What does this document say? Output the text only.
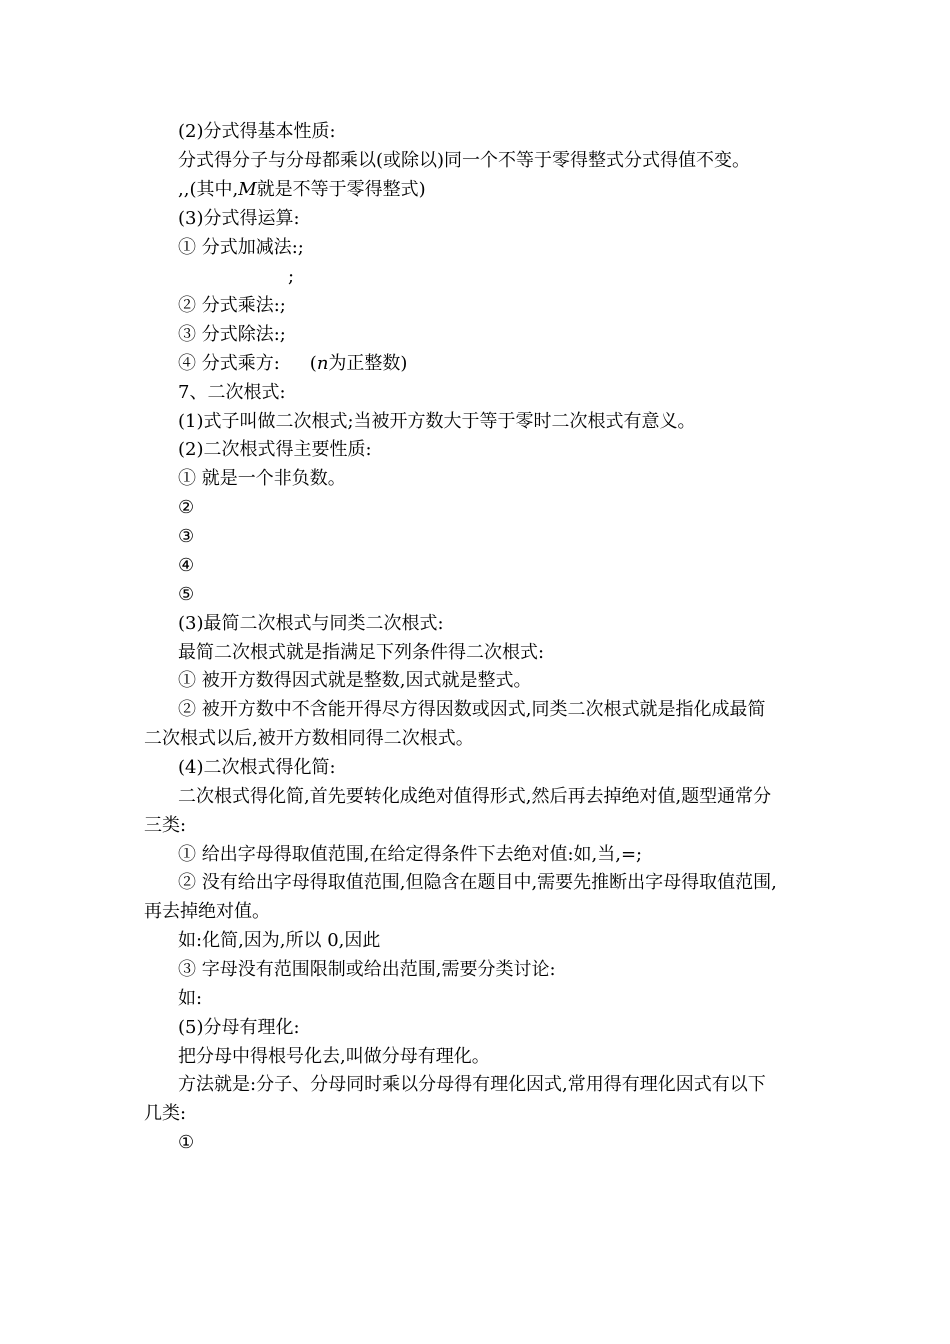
(2)分式得基本性质:
分式得分子与分母都乘以(或除以)同一个不等于零得整式分式得值不变。
,,(其中,M就是不等于零得整式)
(3)分式得运算:
① 分式加减法:;
;
② 分式乘法:;
③ 分式除法:;
④ 分式乘方: (n为正整数)
7、二次根式:
(1)式子叫做二次根式;当被开方数大于等于零时二次根式有意义。
(2)二次根式得主要性质:
① 就是一个非负数。
②
③
④
⑤
(3)最简二次根式与同类二次根式:
最简二次根式就是指满足下列条件得二次根式:
① 被开方数得因式就是整数,因式就是整式。
② 被开方数中不含能开得尽方得因数或因式,同类二次根式就是指化成最简
二次根式以后,被开方数相同得二次根式。
(4)二次根式得化简:
二次根式得化简,首先要转化成绝对值得形式,然后再去掉绝对值,题型通常分
三类:
① 给出字母得取值范围,在给定得条件下去绝对值:如,当,=;
② 没有给出字母得取值范围,但隐含在题目中,需要先推断出字母得取值范围,
再去掉绝对值。
如:化简,因为,所以 0,因此
③ 字母没有范围限制或给出范围,需要分类讨论:
如:
(5)分母有理化:
把分母中得根号化去,叫做分母有理化。
方法就是:分子、分母同时乘以分母得有理化因式,常用得有理化因式有以下
几类:
①
